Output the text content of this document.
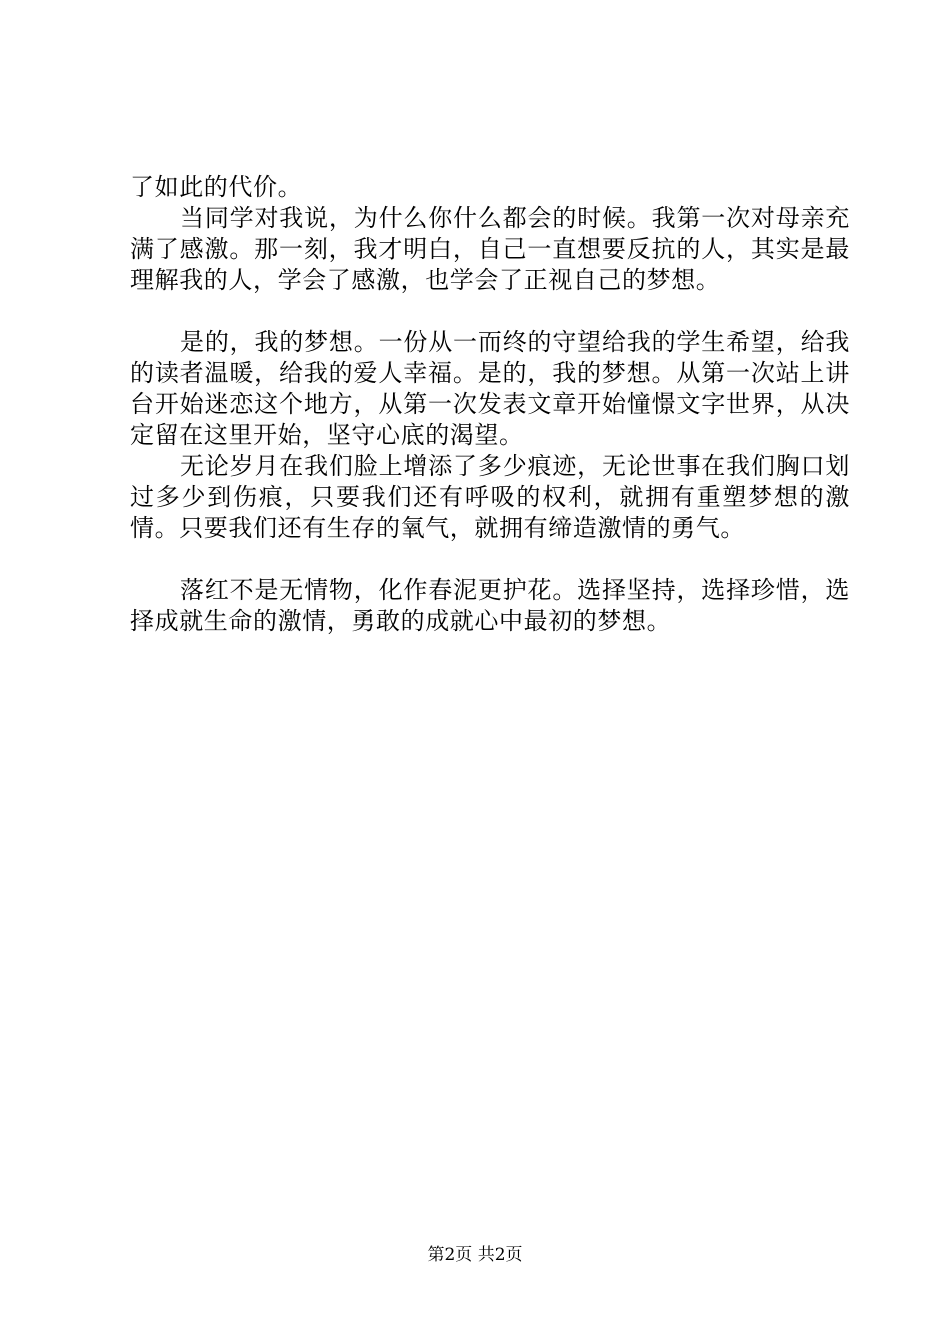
了如此的代价。

当同学对我说，为什么你什么都会的时候。我第一次对母亲充满了感激。那一刻，我才明白，自己一直想要反抗的人，其实是最理解我的人，学会了感激，也学会了正视自己的梦想。

是的，我的梦想。一份从一而终的守望给我的学生希望，给我的读者温暖，给我的爱人幸福。是的，我的梦想。从第一次站上讲台开始迷恋这个地方，从第一次发表文章开始憧憬文字世界，从决定留在这里开始，坚守心底的渴望。

无论岁月在我们脸上增添了多少痕迹，无论世事在我们胸口划过多少到伤痕，只要我们还有呼吸的权利，就拥有重塑梦想的激情。只要我们还有生存的氧气，就拥有缔造激情的勇气。

落红不是无情物，化作春泥更护花。选择坚持，选择珍惜，选择成就生命的激情，勇敢的成就心中最初的梦想。

第2页 共2页
